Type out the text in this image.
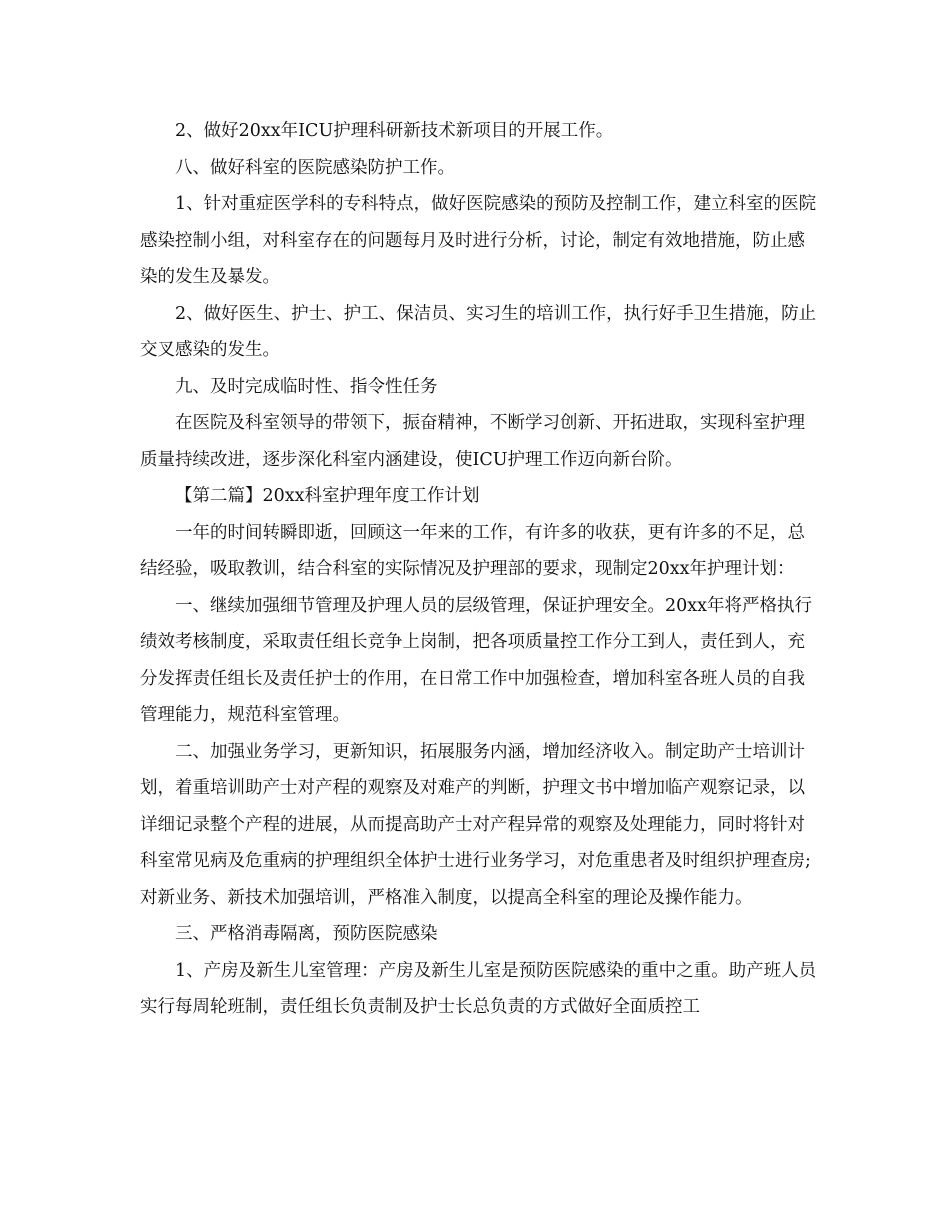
2、做好20xx年ICU护理科研新技术新项目的开展工作。

八、做好科室的医院感染防护工作。

1、针对重症医学科的专科特点，做好医院感染的预防及控制工作，建立科室的医院感染控制小组，对科室存在的问题每月及时进行分析，讨论，制定有效地措施，防止感染的发生及暴发。

2、做好医生、护士、护工、保洁员、实习生的培训工作，执行好手卫生措施，防止交叉感染的发生。

九、及时完成临时性、指令性任务

在医院及科室领导的带领下，振奋精神，不断学习创新、开拓进取，实现科室护理质量持续改进，逐步深化科室内涵建设，使ICU护理工作迈向新台阶。

【第二篇】20xx科室护理年度工作计划

一年的时间转瞬即逝，回顾这一年来的工作，有许多的收获，更有许多的不足，总结经验，吸取教训，结合科室的实际情况及护理部的要求，现制定20xx年护理计划：

一、继续加强细节管理及护理人员的层级管理，保证护理安全。20xx年将严格执行绩效考核制度，采取责任组长竞争上岗制，把各项质量控工作分工到人，责任到人，充分发挥责任组长及责任护士的作用，在日常工作中加强检查，增加科室各班人员的自我管理能力，规范科室管理。

二、加强业务学习，更新知识，拓展服务内涵，增加经济收入。制定助产士培训计划，着重培训助产士对产程的观察及对难产的判断，护理文书中增加临产观察记录，以详细记录整个产程的进展，从而提高助产士对产程异常的观察及处理能力，同时将针对科室常见病及危重病的护理组织全体护士进行业务学习，对危重患者及时组织护理查房;对新业务、新技术加强培训，严格准入制度，以提高全科室的理论及操作能力。

三、严格消毒隔离，预防医院感染

1、产房及新生儿室管理：产房及新生儿室是预防医院感染的重中之重。助产班人员实行每周轮班制，责任组长负责制及护士长总负责的方式做好全面质控工
